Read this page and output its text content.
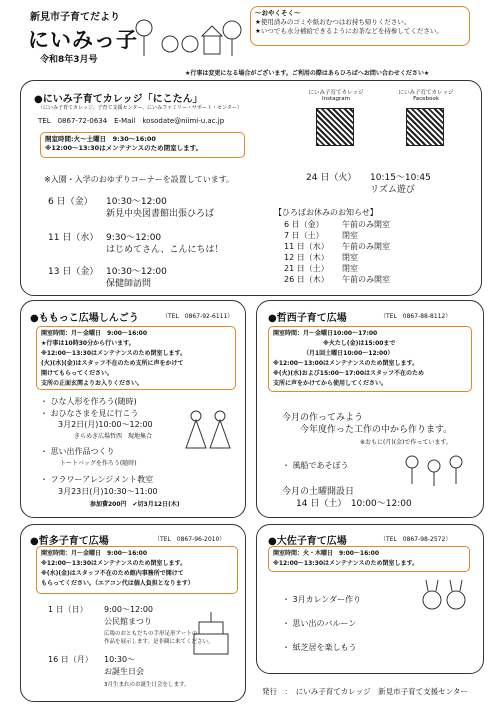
新見市子育てだより
にいみっ子
令和8年3月号
～おやくそく～
★使用済みのゴミや紙おむつはお持ち帰りください。
★いつでも水分補給できるようにお茶などを持参してください。
★行事は変更になる場合がございます。ご利用の際はあらひろばへお問い合わせください★
●にいみ子育てカレッジ「にこたん」
（にいみ子育てカレッジ、子育て支援センター、にいみファミリー・サポート・センター）
TEL　0867-72-0634　E-Mail　kosodate@niimi-u.ac.jp
にいみ子育てカレッジ
Instagram
にいみ子育てカレッジ
Facebook
開室時間:火～土曜日　9:30～16:00
※12:00～13:30はメンテナンスのため閉室します。
※入園・入学のおゆずりコーナーを設置しています。	24 日（火） 10:15～10:45
リズム遊び
6 日（金） 10:30～12:00
新見中央図書館出張ひろば
11 日（水） 9:30～12:00
はじめてさん、こんにちは！
13 日（金） 10:30～12:00
保健師訪問
【ひろばお休みのお知らせ】
6 日（金）	午前のみ開室
7 日（土）	閉室
11 日（水）	午前のみ開室
12 日（木）	閉室
21 日（土）	閉室
26 日（木）	午前のみ開室
●ももっこ広場しんごう	（TEL　0867-92-6111）
開室時間：月～金曜日　9:00～16:00
★行事は10時30分から行います。
※12:00～13:30はメンテナンスのため閉室します。
(火)(水)(金)はスタッフ不在のため支所に声をかけて
開けてもらってください。
支所の正面玄関よりお入りください。
・ ひな人形を作ろう(随時)
・ おひなさまを見に行こう
3月2日(月)10:00～12:00
きらめき広場哲西　現地集合
・ 思い出作品つくり
トートバッグを作ろう(随時)
・ フラワーアレンジメント教室
3月23日(月)10:30～11:00
参加費200円　✔切3月12日(木)
●哲西子育て広場	（TEL　0867-88-8112）
開室時間：月～金曜日10:00～17:00
※火たし(金)は15:00まで
（月1回土曜日10:00～12:00）
※12:00～13:00はメンテナンスのため閉室します。
※(火)(水)および15:00～17:00はスタッフ不在のため
支所に声をかけてから使用してください。
今月の作ってみよう
今年度作った工作の中から作ります。
※おもに(月)(金)で作っています。
・ 風船であそぼう
今月の土曜開設日
14 日（土）　10:00～12:00
●哲多子育て広場	（TEL　0867-96-2010）
開室時間：月～金曜日　9:00～16:00
※12:00～13:30はメンテナンスのため閉室します。
※(水)(金)はスタッフ不在のため館内事務所で開けて
もらってください。（エアコン代は個人負担となります）
1 日（日） 9:00～12:00
公民館まつり
広場のおともだちの手形足形アートの
作品を展示します。是非観に来てください。
16 日（月） 10:30～
お誕生日会
3月生まれのお誕生日会をします。
●大佐子育て広場	（TEL　0867-98-2572）
開室時間：火・木曜日　9:00～16:00
※12:00～13:30はメンテナンスのため閉室します。
・ 3月カレンダー作り
・ 思い出のバルーン
・ 紙芝居を楽しもう
発行　：　にいみ子育てカレッジ　新見市子育て支援センター
